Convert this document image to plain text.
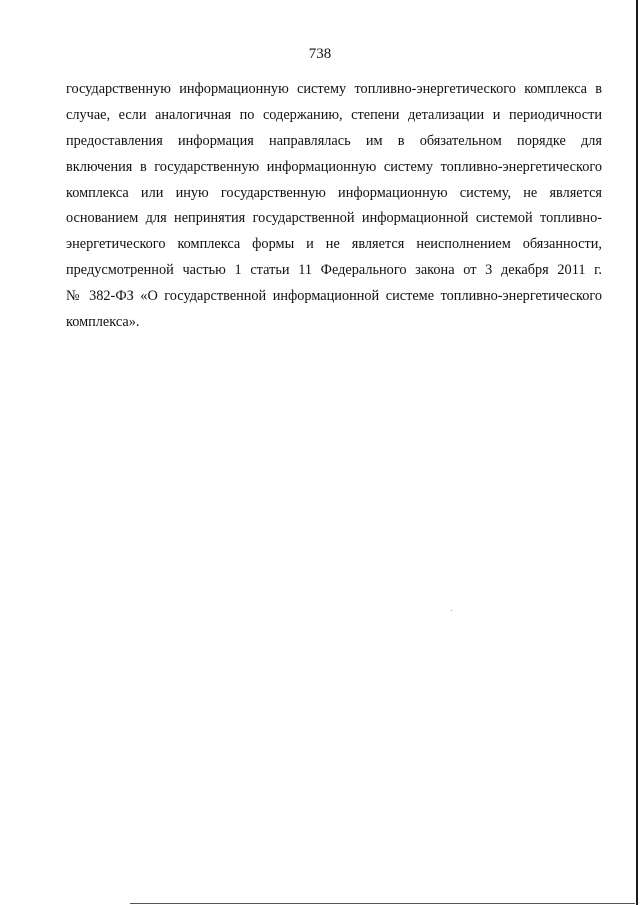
738
государственную информационную систему топливно-энергетического комплекса в
случае, если аналогичная по содержанию, степени детализации и периодичности
предоставления информация направлялась им в обязательном порядке для
включения в государственную информационную систему топливно-энергетического
комплекса или иную государственную информационную систему, не является
основанием для непринятия государственной информационной системой топливно-
энергетического комплекса формы и не является неисполнением обязанности,
предусмотренной частью 1 статьи 11 Федерального закона от 3 декабря 2011 г.
№ 382-ФЗ «О государственной информационной системе топливно-энергетического
комплекса».
